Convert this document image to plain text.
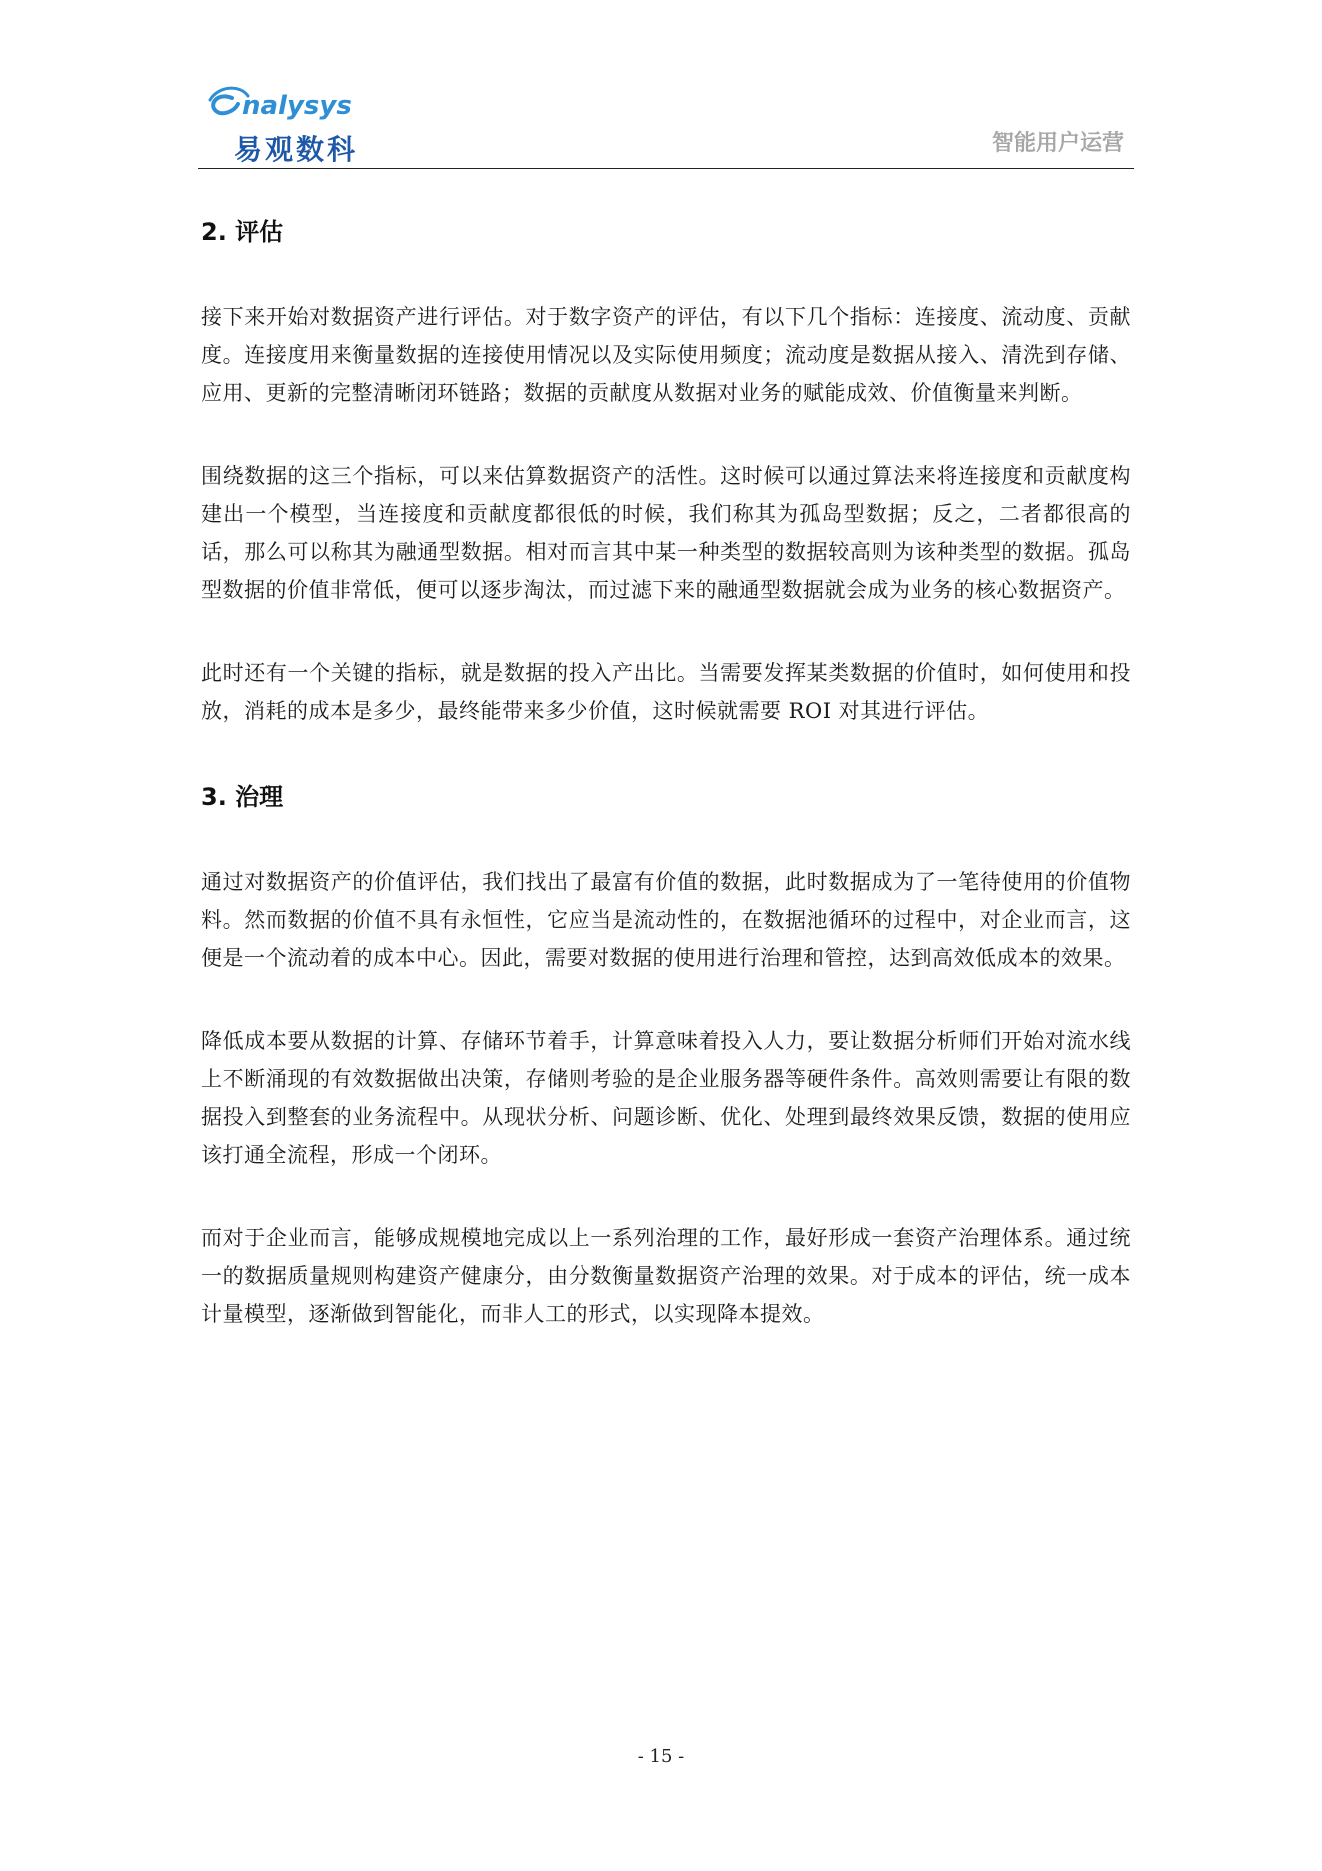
nalysys
易观数科	智能用户运营
2. 评估

接下来开始对数据资产进行评估。对于数字资产的评估，有以下几个指标：连接度、流动度、贡献度。连接度用来衡量数据的连接使用情况以及实际使用频度；流动度是数据从接入、清洗到存储、应用、更新的完整清晰闭环链路；数据的贡献度从数据对业务的赋能成效、价值衡量来判断。

围绕数据的这三个指标，可以来估算数据资产的活性。这时候可以通过算法来将连接度和贡献度构建出一个模型，当连接度和贡献度都很低的时候，我们称其为孤岛型数据；反之，二者都很高的话，那么可以称其为融通型数据。相对而言其中某一种类型的数据较高则为该种类型的数据。孤岛型数据的价值非常低，便可以逐步淘汰，而过滤下来的融通型数据就会成为业务的核心数据资产。

此时还有一个关键的指标，就是数据的投入产出比。当需要发挥某类数据的价值时，如何使用和投放，消耗的成本是多少，最终能带来多少价值，这时候就需要 ROI 对其进行评估。

3. 治理

通过对数据资产的价值评估，我们找出了最富有价值的数据，此时数据成为了一笔待使用的价值物料。然而数据的价值不具有永恒性，它应当是流动性的，在数据池循环的过程中，对企业而言，这便是一个流动着的成本中心。因此，需要对数据的使用进行治理和管控，达到高效低成本的效果。

降低成本要从数据的计算、存储环节着手，计算意味着投入人力，要让数据分析师们开始对流水线上不断涌现的有效数据做出决策，存储则考验的是企业服务器等硬件条件。高效则需要让有限的数据投入到整套的业务流程中。从现状分析、问题诊断、优化、处理到最终效果反馈，数据的使用应该打通全流程，形成一个闭环。

而对于企业而言，能够成规模地完成以上一系列治理的工作，最好形成一套资产治理体系。通过统一的数据质量规则构建资产健康分，由分数衡量数据资产治理的效果。对于成本的评估，统一成本计量模型，逐渐做到智能化，而非人工的形式，以实现降本提效。

- 15 -
